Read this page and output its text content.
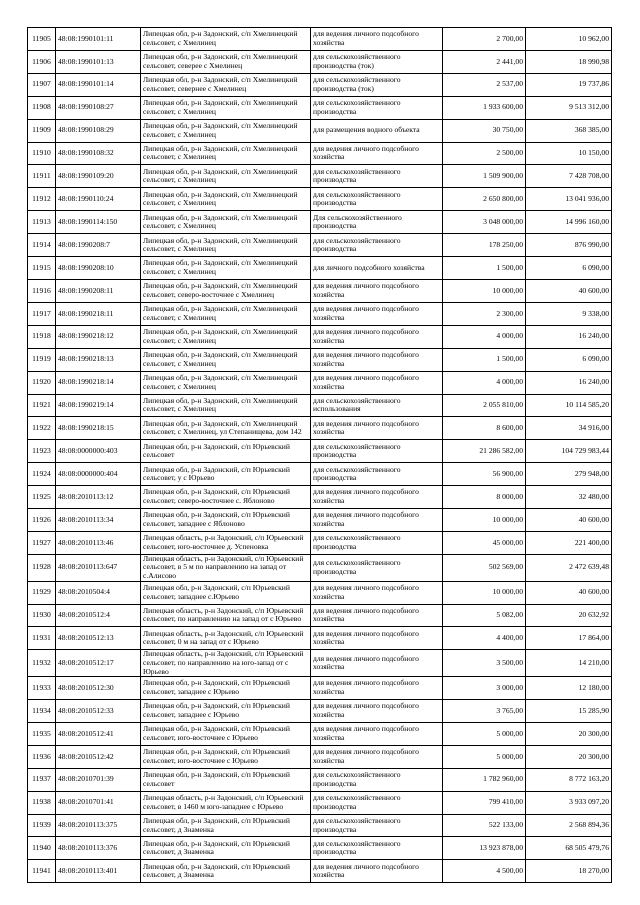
11905	48:08:1990101:11	Липецкая обл, р-н Задонский, с/п Хмелинецкий сельсовет, с Хмелинец	для ведения личного подсобного хозяйства	2 700,00	10 962,00
11906	48:08:1990101:13	Липецкая обл, р-н Задонский, с/п Хмелинецкий сельсовет, северее с Хмелинец	для сельскохозяйственного производства (ток)	2 441,00	18 990,98
11907	48:08:1990101:14	Липецкая обл, р-н Задонский, с/п Хмелинецкий сельсовет, севернее с Хмелинец	для сельскохозяйственного производства (ток)	2 537,00	19 737,86
11908	48:08:1990108:27	Липецкая обл, р-н Задонский, с/п Хмелинецкий сельсовет, с Хмелинец	для сельскохозяйственного производства	1 933 600,00	9 513 312,00
11909	48:08:1990108:29	Липецкая обл, р-н Задонский, с/п Хмелинецкий сельсовет, с Хмелинец	для размещения водного объекта	30 750,00	368 385,00
11910	48:08:1990108:32	Липецкая обл, р-н Задонский, с/п Хмелинецкий сельсовет, с Хмелинец	для ведения личного подсобного хозяйства	2 500,00	10 150,00
11911	48:08:1990109:20	Липецкая обл, р-н Задонский, с/п Хмелинецкий сельсовет, с Хмелинец	для сельскохозяйственного производства	1 509 900,00	7 428 708,00
11912	48:08:1990110:24	Липецкая обл, р-н Задонский, с/п Хмелинецкий сельсовет, с Хмелинец	для сельскохозяйственного производства	2 650 800,00	13 041 936,00
11913	48:08:1990114:150	Липецкая обл, р-н Задонский, с/п Хмелинецкий сельсовет, с Хмелинец	Для сельскохозяйственного производства	3 048 000,00	14 996 160,00
11914	48:08:1990208:7	Липецкая обл, р-н Задонский, с/п Хмелинецкий сельсовет, с Хмелинец	для сельскохозяйственного производства	178 250,00	876 990,00
11915	48:08:1990208:10	Липецкая обл, р-н Задонский, с/п Хмелинецкий сельсовет, с Хмелинец	для личного подсобного хозяйства	1 500,00	6 090,00
11916	48:08:1990208:11	Липецкая обл, р-н Задонский, с/п Хмелинецкий сельсовет, северо-восточнее с Хмелинец	для ведения личного подсобного хозяйства	10 000,00	40 600,00
11917	48:08:1990218:11	Липецкая обл, р-н Задонский, с/п Хмелинецкий сельсовет, с Хмелинец	для ведения личного подсобного хозяйства	2 300,00	9 338,00
11918	48:08:1990218:12	Липецкая обл, р-н Задонский, с/п Хмелинецкий сельсовет, с Хмелинец	для ведения личного подсобного хозяйства	4 000,00	16 240,00
11919	48:08:1990218:13	Липецкая обл, р-н Задонский, с/п Хмелинецкий сельсовет, с Хмелинец	для ведения личного подсобного хозяйства	1 500,00	6 090,00
11920	48:08:1990218:14	Липецкая обл, р-н Задонский, с/п Хмелинецкий сельсовет, с Хмелинец	для ведения личного подсобного хозяйства	4 000,00	16 240,00
11921	48:08:1990219:14	Липецкая обл, р-н Задонский, с/п Хмелинецкий сельсовет, с Хмелинец	для сельскохозяйственного использования	2 055 810,00	10 114 585,20
11922	48:08:1990218:15	Липецкая обл, р-н Задонский, с/п Хмелинецкий сельсовет, с Хмелинец, ул Степанищева, дом 142	для ведения личного подсобного хозяйства	8 600,00	34 916,00
11923	48:08:0000000:403	Липецкая обл, р-н Задонский, с/п Юрьевский сельсовет	для сельскохозяйственного производства	21 286 582,00	104 729 983,44
11924	48:08:0000000:404	Липецкая обл, р-н Задонский, с/п Юрьевский сельсовет, у с Юрьево	для сельскохозяйственного производства	56 900,00	279 948,00
11925	48:08:2010113:12	Липецкая обл, р-н Задонский, с/п Юрьевский сельсовет, северо-восточнее с. Яблоново	для ведения личного подсобного хозяйства	8 000,00	32 480,00
11926	48:08:2010113:34	Липецкая обл, р-н Задонский, с/п Юрьевский сельсовет, западнее с Яблоново	для ведения личного подсобного хозяйства	10 000,00	40 600,00
11927	48:08:2010113:46	Липецкая область, р-н Задонский, с/п Юрьевский сельсовет, юго-восточнее д. Успеновка	для сельскохозяйственного производства	45 000,00	221 400,00
11928	48:08:2010113:647	Липецкая область, р-н Задонский, с/п Юрьевский сельсовет, в 5 м по направлению на запад от с.Алисово	для сельскохозяйственного производства	502 569,00	2 472 639,48
11929	48:08:2010504:4	Липецкая обл, р-н Задонский, с/п Юрьевский сельсовет, западнее с.Юрьево	для ведения личного подсобного хозяйства	10 000,00	40 600,00
11930	48:08:2010512:4	Липецкая область, р-н Задонский, с/п Юрьевский сельсовет, по направлению на запад от с Юрьево	для ведения личного подсобного хозяйства	5 082,00	20 632,92
11931	48:08:2010512:13	Липецкая область, р-н Задонский, с/п Юрьевский сельсовет, 0 м на запад от с Юрьево	для ведения личного подсобного хозяйства	4 400,00	17 864,00
11932	48:08:2010512:17	Липецкая область, р-н Задонский, с/п Юрьевский сельсовет, по направлению на юго-запад от с Юрьево	для ведения личного подсобного хозяйства	3 500,00	14 210,00
11933	48:08:2010512:30	Липецкая обл, р-н Задонский, с/п Юрьевский сельсовет, западнее с Юрьево	для ведения личного подсобного хозяйства	3 000,00	12 180,00
11934	48:08:2010512:33	Липецкая обл, р-н Задонский, с/п Юрьевский сельсовет, западнее с Юрьево	для ведения личного подсобного хозяйства	3 765,00	15 285,90
11935	48:08:2010512:41	Липецкая обл, р-н Задонский, с/п Юрьевский сельсовет, юго-восточнее с Юрьево	для ведения личного подсобного хозяйства	5 000,00	20 300,00
11936	48:08:2010512:42	Липецкая обл, р-н Задонский, с/п Юрьевский сельсовет, юго-восточнее с Юрьево	для ведения личного подсобного хозяйства	5 000,00	20 300,00
11937	48:08:2010701:39	Липецкая обл, р-н Задонский, с/п Юрьевский сельсовет	для сельскохозяйственного производства	1 782 960,00	8 772 163,20
11938	48:08:2010701:41	Липецкая область, р-н Задонский, с/п Юрьевский сельсовет, в 1460 м юго-западнее с Юрьево	для сельскохозяйственного производства	799 410,00	3 933 097,20
11939	48:08:2010113:375	Липецкая обл, р-н Задонский, с/п Юрьевский сельсовет, д Знаменка	для сельскохозяйственного производства	522 133,00	2 568 894,36
11940	48:08:2010113:376	Липецкая обл, р-н Задонский, с/п Юрьевский сельсовет, д Знаменка	для сельскохозяйственного производства	13 923 878,00	68 505 479,76
11941	48:08:2010113:401	Липецкая обл, р-н Задонский, с/п Юрьевский сельсовет, д Знаменка	для ведения личного подсобного хозяйства	4 500,00	18 270,00
